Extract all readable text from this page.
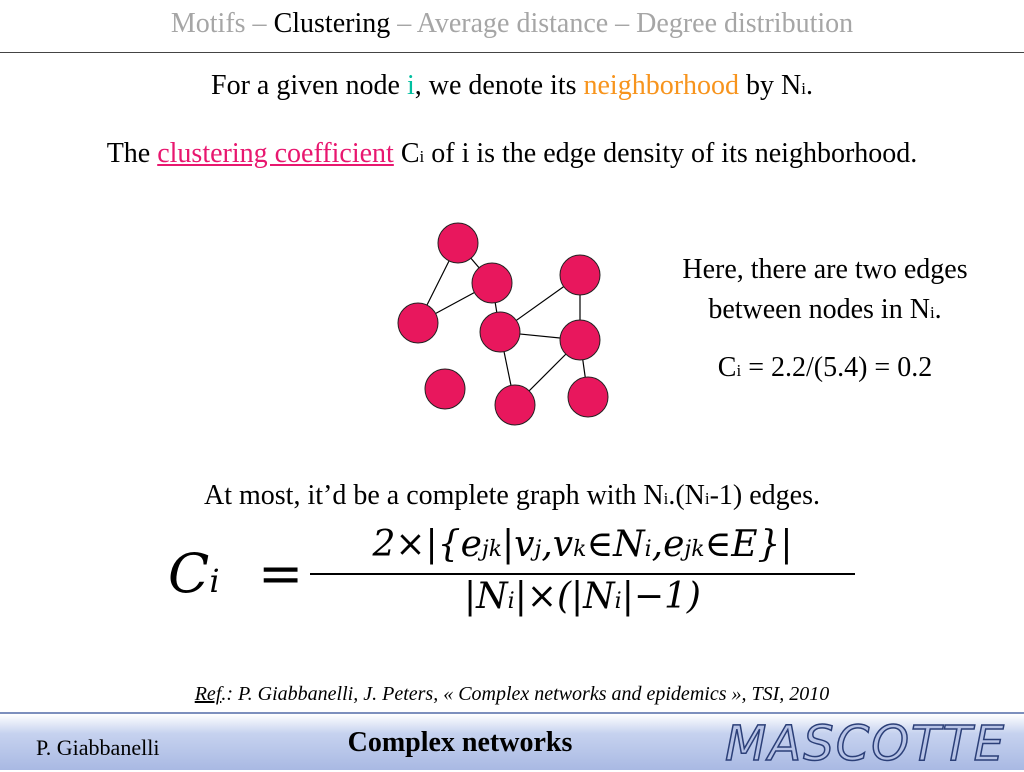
Motifs – Clustering – Average distance – Degree distribution
For a given node i, we denote its neighborhood by Ni.
The clustering coefficient Ci of i is the edge density of its neighborhood.
Here, there are two edges
between nodes in Ni.
Ci = 2.2/(5.4) = 0.2
At most, it’d be a complete graph with Ni.(Ni-1) edges.
Ci =	2×|{ejk|vj,vk∈Ni,ejk∈E}|
|Ni|×(|Ni|−1)
Ref.: P. Giabbanelli, J. Peters, « Complex networks and epidemics », TSI, 2010
P. Giabbanelli	Complex networks	MASCOTTE
